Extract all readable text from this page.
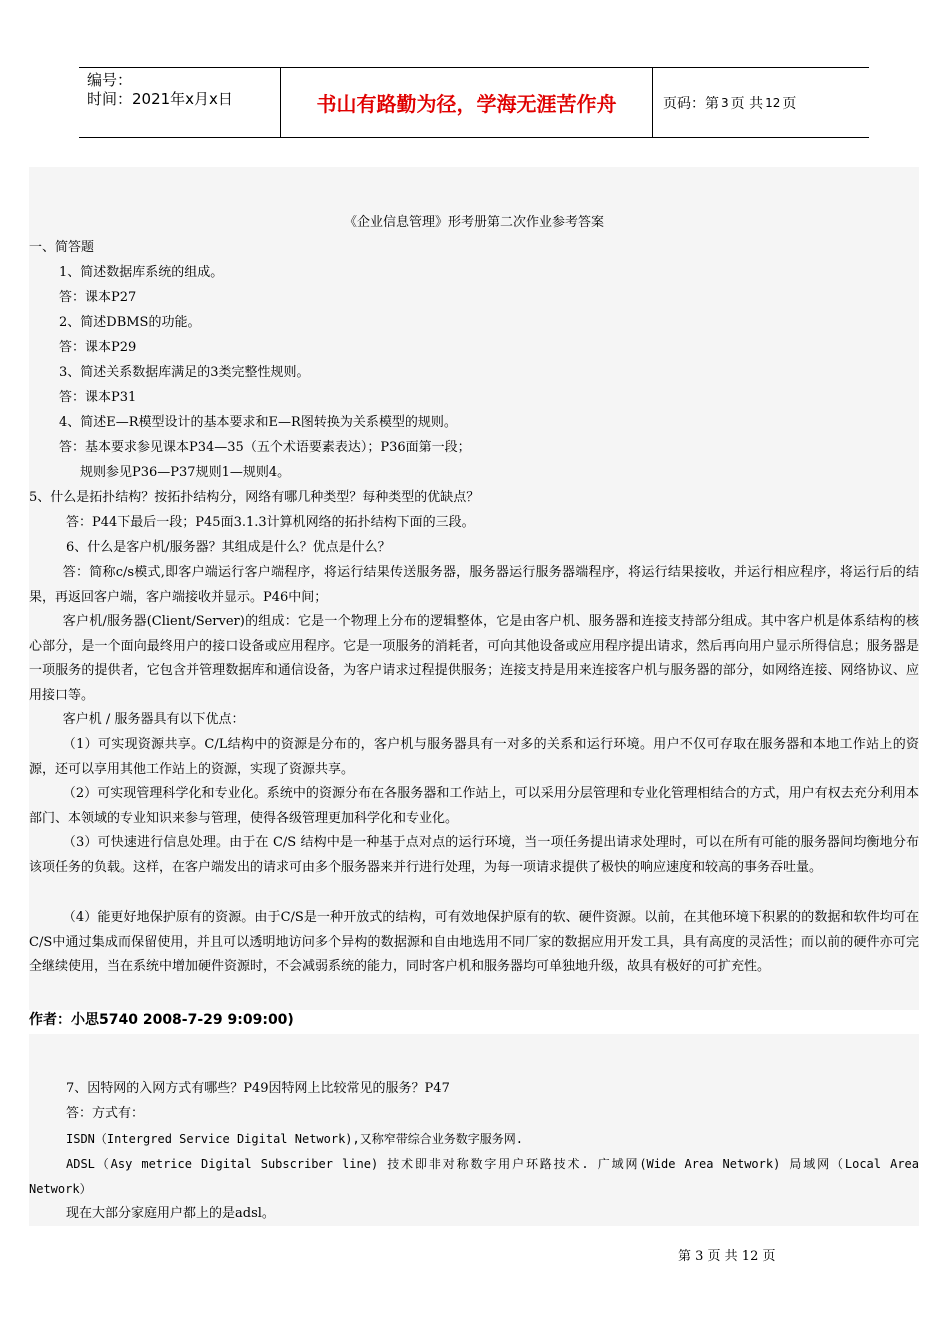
编号：
时间：2021年x月x日	书山有路勤为径，学海无涯苦作舟	页码：第 3 页 共 12 页
《企业信息管理》形考册第二次作业参考答案
一、简答题
1、简述数据库系统的组成。
答：课本P27
2、简述DBMS的功能。
答：课本P29
3、简述关系数据库满足的3类完整性规则。
答：课本P31
4、简述E—R模型设计的基本要求和E—R图转换为关系模型的规则。
答：基本要求参见课本P34—35（五个术语要素表达）；P36面第一段；
规则参见P36—P37规则1—规则4。
5、什么是拓扑结构？按拓扑结构分，网络有哪几种类型？每种类型的优缺点？
答：P44下最后一段；P45面3.1.3计算机网络的拓扑结构下面的三段。
6、什么是客户机/服务器？其组成是什么？优点是什么？
答：简称c/s模式,即客户端运行客户端程序，将运行结果传送服务器，服务器运行服务器端程序，将运行结果接收，并运行相应程序，将运行后的结果，再返回客户端，客户端接收并显示。P46中间；
客户机/服务器(Client/Server)的组成：它是一个物理上分布的逻辑整体，它是由客户机、服务器和连接支持部分组成。其中客户机是体系结构的核心部分，是一个面向最终用户的接口设备或应用程序。它是一项服务的消耗者，可向其他设备或应用程序提出请求，然后再向用户显示所得信息；服务器是一项服务的提供者，它包含并管理数据库和通信设备，为客户请求过程提供服务；连接支持是用来连接客户机与服务器的部分，如网络连接、网络协议、应用接口等。
客户机 / 服务器具有以下优点：
（1）可实现资源共享。C/L结构中的资源是分布的，客户机与服务器具有一对多的关系和运行环境。用户不仅可存取在服务器和本地工作站上的资源，还可以享用其他工作站上的资源，实现了资源共享。
（2）可实现管理科学化和专业化。系统中的资源分布在各服务器和工作站上，可以采用分层管理和专业化管理相结合的方式，用户有权去充分利用本部门、本领域的专业知识来参与管理，使得各级管理更加科学化和专业化。
（3）可快速进行信息处理。由于在 C/S 结构中是一种基于点对点的运行环境，当一项任务提出请求处理时，可以在所有可能的服务器间均衡地分布该项任务的负载。这样，在客户端发出的请求可由多个服务器来并行进行处理，为每一项请求提供了极快的响应速度和较高的事务吞吐量。
（4）能更好地保护原有的资源。由于C/S是一种开放式的结构，可有效地保护原有的软、硬件资源。以前，在其他环境下积累的的数据和软件均可在C/S中通过集成而保留使用，并且可以透明地访问多个异构的数据源和自由地选用不同厂家的数据应用开发工具，具有高度的灵活性；而以前的硬件亦可完全继续使用，当在系统中增加硬件资源时，不会减弱系统的能力，同时客户机和服务器均可单独地升级，故具有极好的可扩充性。
作者：小思5740 2008-7-29 9:09:00)
7、因特网的入网方式有哪些？P49因特网上比较常见的服务？P47
答：方式有：
ISDN（Intergred Service Digital Network),又称窄带综合业务数字服务网.
ADSL（Asy metrice Digital Subscriber line) 技术即非对称数字用户环路技术. 广域网(Wide Area Network) 局域网（Local Area Network）
现在大部分家庭用户都上的是adsl。
第 3 页 共 12 页
